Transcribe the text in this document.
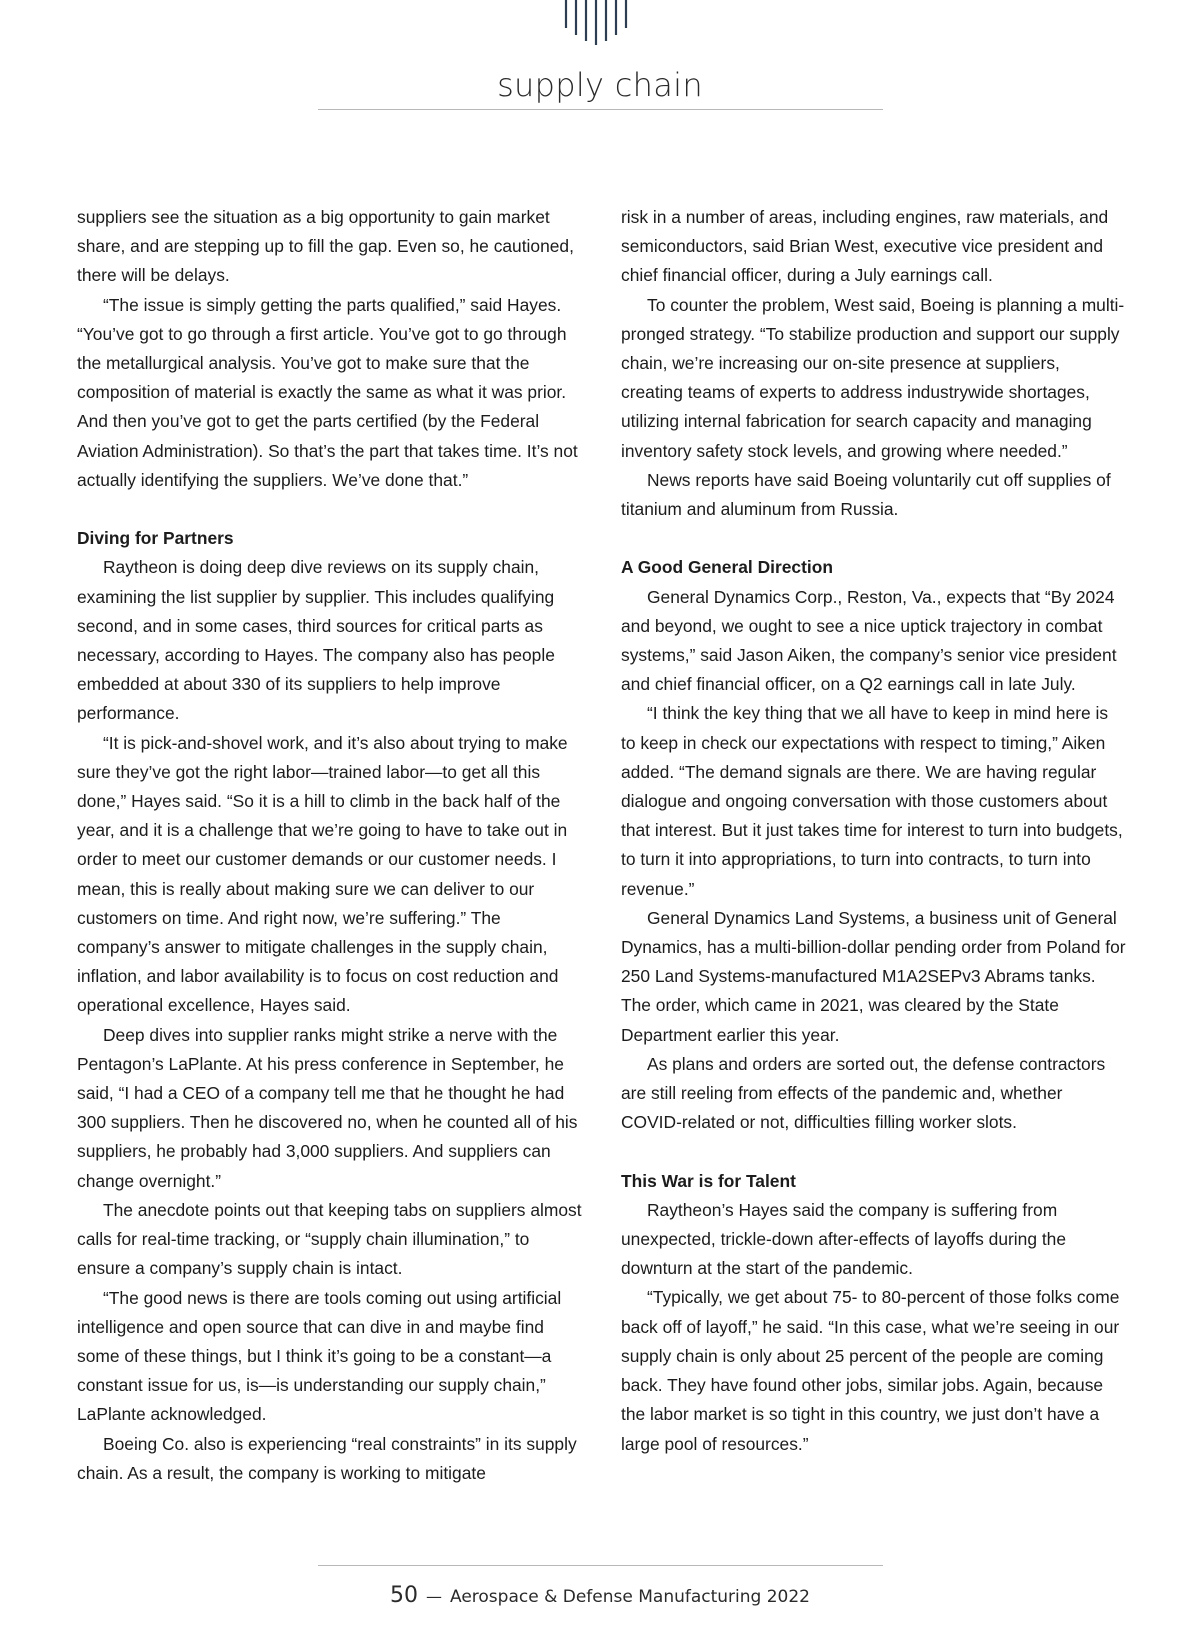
supply chain

suppliers see the situation as a big opportunity to gain market share, and are stepping up to fill the gap. Even so, he cautioned, there will be delays.

“The issue is simply getting the parts qualified,” said Hayes. “You’ve got to go through a first article. You’ve got to go through the metallurgical analysis. You’ve got to make sure that the composition of material is exactly the same as what it was prior. And then you’ve got to get the parts certified (by the Federal Aviation Administration). So that’s the part that takes time. It’s not actually identifying the suppliers. We’ve done that.”

Diving for Partners

Raytheon is doing deep dive reviews on its supply chain, examining the list supplier by supplier. This includes qualifying second, and in some cases, third sources for critical parts as necessary, according to Hayes. The company also has people embedded at about 330 of its suppliers to help improve performance.

“It is pick-and-shovel work, and it’s also about trying to make sure they’ve got the right labor—trained labor—to get all this done,” Hayes said. “So it is a hill to climb in the back half of the year, and it is a challenge that we’re going to have to take out in order to meet our customer demands or our customer needs. I mean, this is really about making sure we can deliver to our customers on time. And right now, we’re suffering.” The company’s answer to mitigate challenges in the supply chain, inflation, and labor availability is to focus on cost reduction and operational excellence, Hayes said.

Deep dives into supplier ranks might strike a nerve with the Pentagon’s LaPlante. At his press conference in September, he said, “I had a CEO of a company tell me that he thought he had 300 suppliers. Then he discovered no, when he counted all of his suppliers, he probably had 3,000 suppliers. And suppliers can change overnight.”

The anecdote points out that keeping tabs on suppliers almost calls for real-time tracking, or “supply chain illumination,” to ensure a company’s supply chain is intact.

“The good news is there are tools coming out using artificial intelligence and open source that can dive in and maybe find some of these things, but I think it’s going to be a constant—a constant issue for us, is—is understanding our supply chain,” LaPlante acknowledged.

Boeing Co. also is experiencing “real constraints” in its supply chain. As a result, the company is working to mitigate

risk in a number of areas, including engines, raw materials, and semiconductors, said Brian West, executive vice president and chief financial officer, during a July earnings call.

To counter the problem, West said, Boeing is planning a multi-pronged strategy. “To stabilize production and support our supply chain, we’re increasing our on-site presence at suppliers, creating teams of experts to address industrywide shortages, utilizing internal fabrication for search capacity and managing inventory safety stock levels, and growing where needed.”

News reports have said Boeing voluntarily cut off supplies of titanium and aluminum from Russia.

A Good General Direction

General Dynamics Corp., Reston, Va., expects that “By 2024 and beyond, we ought to see a nice uptick trajectory in combat systems,” said Jason Aiken, the company’s senior vice president and chief financial officer, on a Q2 earnings call in late July.

“I think the key thing that we all have to keep in mind here is to keep in check our expectations with respect to timing,” Aiken added. “The demand signals are there. We are having regular dialogue and ongoing conversation with those customers about that interest. But it just takes time for interest to turn into budgets, to turn it into appropriations, to turn into contracts, to turn into revenue.”

General Dynamics Land Systems, a business unit of General Dynamics, has a multi-billion-dollar pending order from Poland for 250 Land Systems-manufactured M1A2SEPv3 Abrams tanks. The order, which came in 2021, was cleared by the State Department earlier this year.

As plans and orders are sorted out, the defense contractors are still reeling from effects of the pandemic and, whether COVID-related or not, difficulties filling worker slots.

This War is for Talent

Raytheon’s Hayes said the company is suffering from unexpected, trickle-down after-effects of layoffs during the downturn at the start of the pandemic.

“Typically, we get about 75- to 80-percent of those folks come back off of layoff,” he said. “In this case, what we’re seeing in our supply chain is only about 25 percent of the people are coming back. They have found other jobs, similar jobs. Again, because the labor market is so tight in this country, we just don’t have a large pool of resources.”

50 — Aerospace & Defense Manufacturing 2022
